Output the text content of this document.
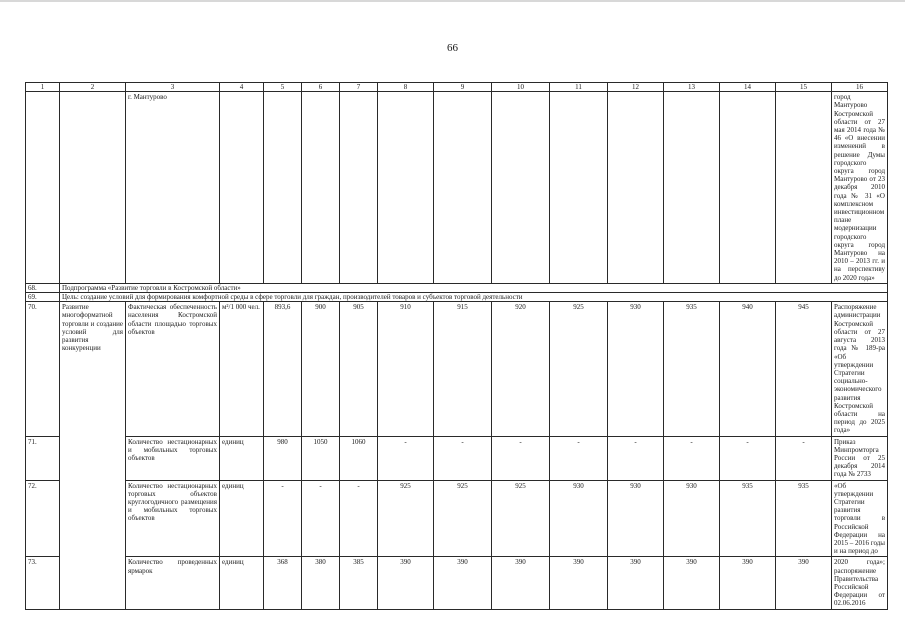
66
1	2	3	4	5	6	7	8	9	10	11	12	13	14	15	16
		г. Мантурово													город Мантурово Костромской области от 27 мая 2014 года № 46 «О внесении изменений в решение Думы городского округа город Мантурово от 23 декабря 2010 года № 31 «О комплексном инвестиционном плане модернизации городского округа город Мантурово на 2010 – 2013 гг. и на перспективу до 2020 года»
68.	Подпрограмма «Развитие торговли в Костромской области»														
69.	Цель: создание условий для формирования комфортной среды в сфере торговли для граждан, производителей товаров и субъектов торговой деятельности														
70.	Развитие многоформатной торговли и создание условий для развития конкуренции	Фактическая обеспеченность населения Костромской области площадью торговых объектов	м²/1 000 чел.	893,6	900	905	910	915	920	925	930	935	940	945	Распоряжение администрации Костромской области от 27 августа 2013 года № 189-ра «Об утверждении Стратегии социально-экономического развития Костромской области на период до 2025 года»
71.		Количество нестационарных и мобильных торговых объектов	единиц	980	1050	1060	-	-	-	-	-	-	-	-	Приказ Минпромторга России от 25 декабря 2014 года № 2733
72.		Количество нестационарных торговых объектов круглогодичного размещения и мобильных торговых объектов	единиц	-	-	-	925	925	925	930	930	930	935	935	«Об утверждении Стратегии развития торговли в Российской Федерации на 2015 – 2016 годы и на период до
73.		Количество проведенных ярмарок	единиц	368	380	385	390	390	390	390	390	390	390	390	2020 года»; распоряжение Правительства Российской Федерации от 02.06.2016
